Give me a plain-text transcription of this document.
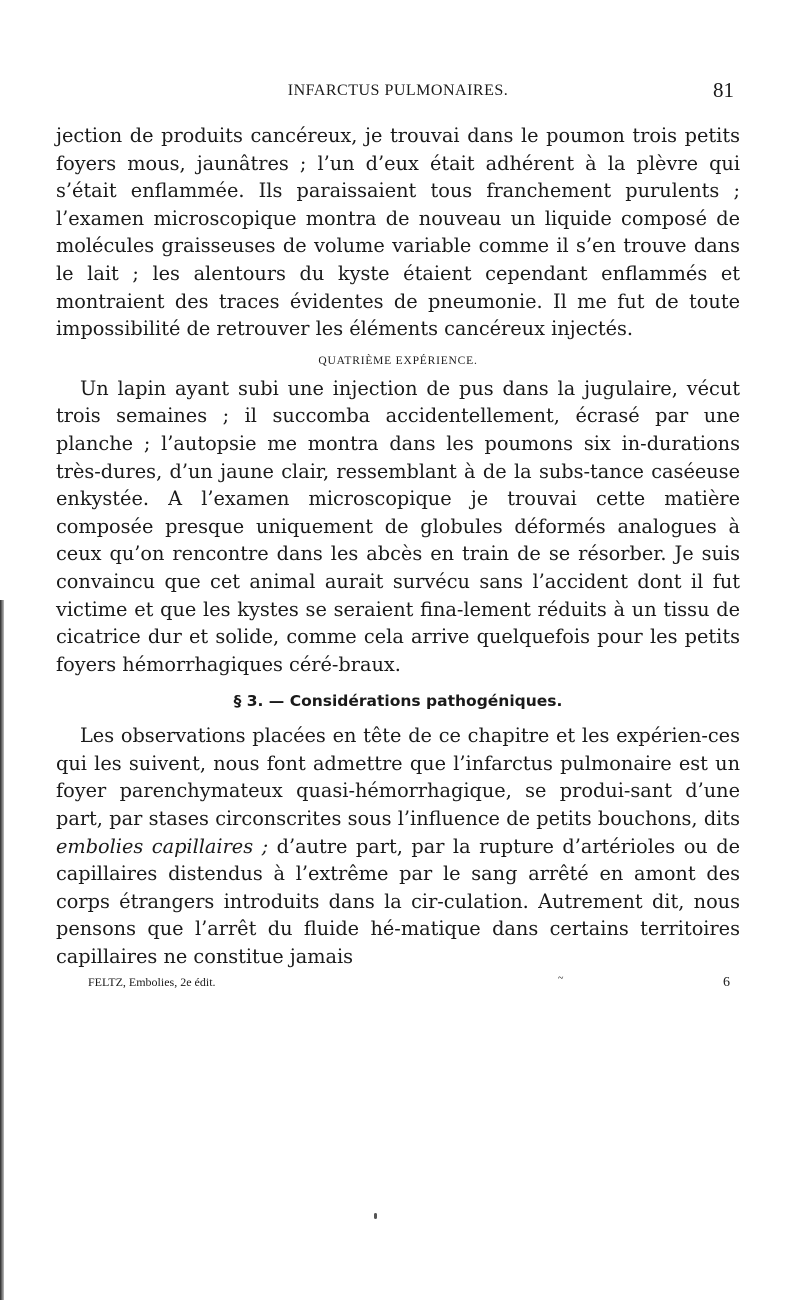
INFARCTUS PULMONAIRES.	81

jection de produits cancéreux, je trouvai dans le poumon trois petits foyers mous, jaunâtres ; l’un d’eux était adhérent à la plèvre qui s’était enflammée. Ils paraissaient tous franchement purulents ; l’examen microscopique montra de nouveau un liquide composé de molécules graisseuses de volume variable comme il s’en trouve dans le lait ; les alentours du kyste étaient cependant enflammés et montraient des traces évidentes de pneumonie. Il me fut de toute impossibilité de retrouver les éléments cancéreux injectés.

QUATRIÈME EXPÉRIENCE.

Un lapin ayant subi une injection de pus dans la jugulaire, vécut trois semaines ; il succomba accidentellement, écrasé par une planche ; l’autopsie me montra dans les poumons six in-durations très-dures, d’un jaune clair, ressemblant à de la subs-tance caséeuse enkystée. A l’examen microscopique je trouvai cette matière composée presque uniquement de globules déformés analogues à ceux qu’on rencontre dans les abcès en train de se résorber. Je suis convaincu que cet animal aurait survécu sans l’accident dont il fut victime et que les kystes se seraient fina-lement réduits à un tissu de cicatrice dur et solide, comme cela arrive quelquefois pour les petits foyers hémorrhagiques céré-braux.

§ 3. — Considérations pathogéniques.

Les observations placées en tête de ce chapitre et les expérien-ces qui les suivent, nous font admettre que l’infarctus pulmonaire est un foyer parenchymateux quasi-hémorrhagique, se produi-sant d’une part, par stases circonscrites sous l’influence de petits bouchons, dits embolies capillaires ; d’autre part, par la rupture d’artérioles ou de capillaires distendus à l’extrême par le sang arrêté en amont des corps étrangers introduits dans la cir-culation. Autrement dit, nous pensons que l’arrêt du fluide hé-matique dans certains territoires capillaires ne constitue jamais

FELTZ, Embolies, 2e édit.	~	6
